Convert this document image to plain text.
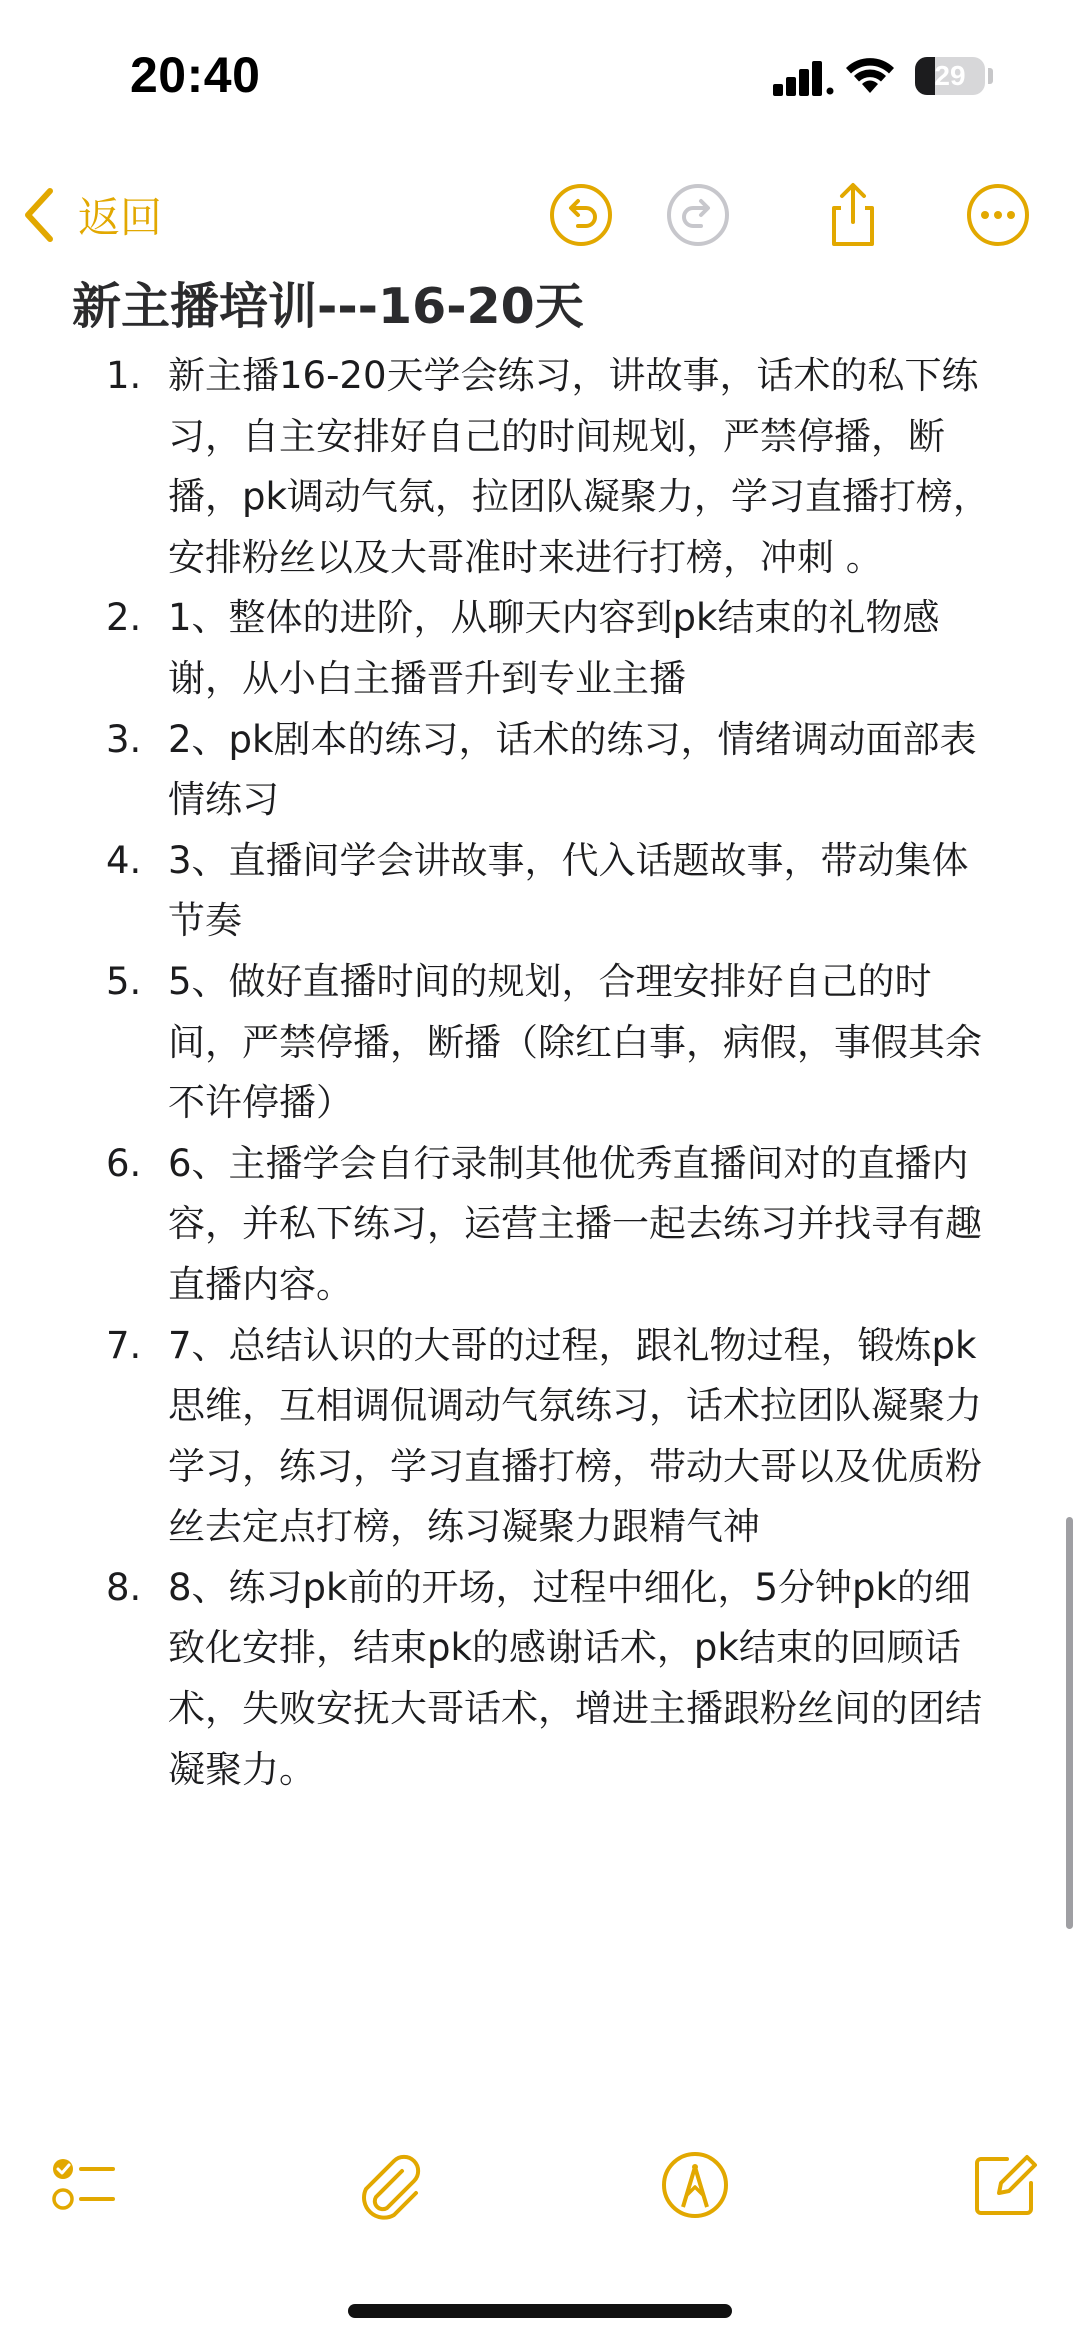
20:40	29
返回
新主播培训---16-20天
1. 新主播16-20天学会练习，讲故事，话术的私下练习，自主安排好自己的时间规划，严禁停播，断播，pk调动气氛，拉团队凝聚力，学习直播打榜，安排粉丝以及大哥准时来进行打榜，冲刺 。
2. 1、整体的进阶，从聊天内容到pk结束的礼物感谢，从小白主播晋升到专业主播
3. 2、pk剧本的练习，话术的练习，情绪调动面部表情练习
4. 3、直播间学会讲故事，代入话题故事，带动集体节奏
5. 5、做好直播时间的规划，合理安排好自己的时间，严禁停播，断播（除红白事，病假，事假其余不许停播）
6. 6、主播学会自行录制其他优秀直播间对的直播内容，并私下练习，运营主播一起去练习并找寻有趣直播内容。
7. 7、总结认识的大哥的过程，跟礼物过程，锻炼pk思维，互相调侃调动气氛练习，话术拉团队凝聚力学习，练习，学习直播打榜，带动大哥以及优质粉丝去定点打榜，练习凝聚力跟精气神
8. 8、练习pk前的开场，过程中细化，5分钟pk的细致化安排，结束pk的感谢话术，pk结束的回顾话术，失败安抚大哥话术，增进主播跟粉丝间的团结凝聚力。
